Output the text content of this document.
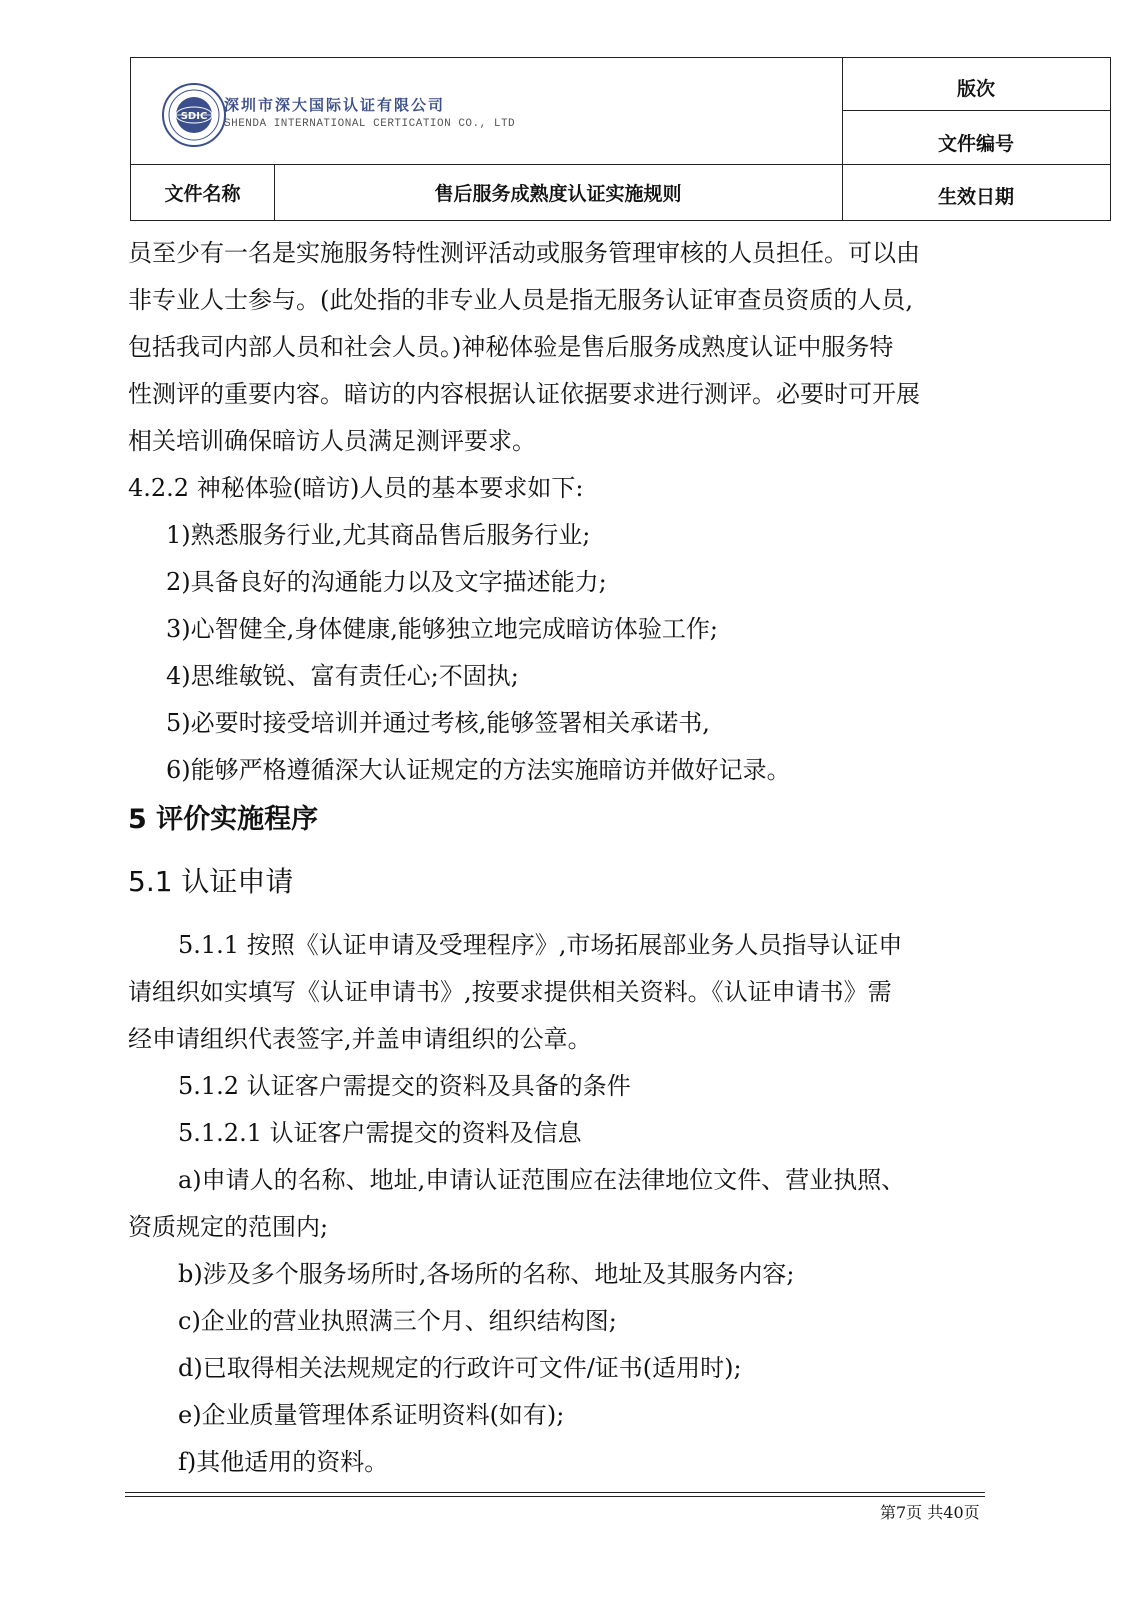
SDIC
深圳市深大国际认证有限公司
SHENDA INTERNATIONAL CERTICATION CO., LTD
版次
文件编号
文件名称	售后服务成熟度认证实施规则	生效日期
员至少有一名是实施服务特性测评活动或服务管理审核的人员担任。可以由
非专业人士参与。(此处指的非专业人员是指无服务认证审查员资质的人员,
包括我司内部人员和社会人员。)神秘体验是售后服务成熟度认证中服务特
性测评的重要内容。暗访的内容根据认证依据要求进行测评。必要时可开展
相关培训确保暗访人员满足测评要求。
4.2.2 神秘体验(暗访)人员的基本要求如下:
1)熟悉服务行业,尤其商品售后服务行业;
2)具备良好的沟通能力以及文字描述能力;
3)心智健全,身体健康,能够独立地完成暗访体验工作;
4)思维敏锐、富有责任心;不固执;
5)必要时接受培训并通过考核,能够签署相关承诺书,
6)能够严格遵循深大认证规定的方法实施暗访并做好记录。
5 评价实施程序
5.1 认证申请
5.1.1 按照《认证申请及受理程序》,市场拓展部业务人员指导认证申
请组织如实填写《认证申请书》,按要求提供相关资料。《认证申请书》需
经申请组织代表签字,并盖申请组织的公章。
5.1.2 认证客户需提交的资料及具备的条件
5.1.2.1 认证客户需提交的资料及信息
a)申请人的名称、地址,申请认证范围应在法律地位文件、营业执照、
资质规定的范围内;
b)涉及多个服务场所时,各场所的名称、地址及其服务内容;
c)企业的营业执照满三个月、组织结构图;
d)已取得相关法规规定的行政许可文件/证书(适用时);
e)企业质量管理体系证明资料(如有);
f)其他适用的资料。
第7页 共40页
